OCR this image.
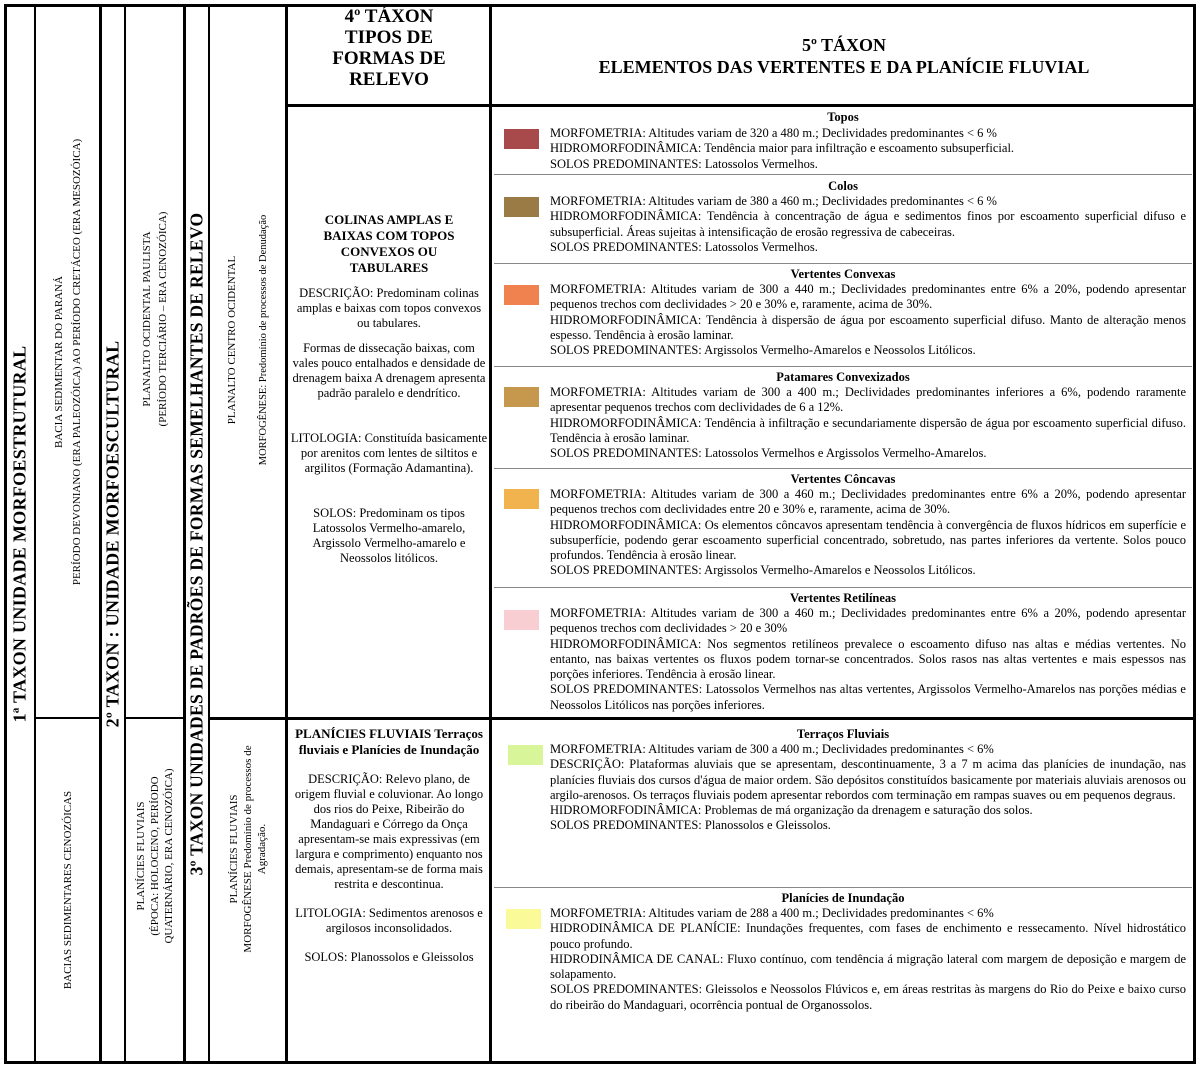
1ª TAXON UNIDADE MORFOESTRUTURAL BACIA SEDIMENTAR DO PARANÁ PERÍODO DEVONIANO (ERA PALEOZÓICA) AO PERÍODO CRETÁCEO (ERA MESOZÓICA)
BACIAS SEDIMENTARES CENOZÓICAS
2º TAXON : UNIDADE MORFOESCULTURAL
PLANALTO OCIDENTAL PAULISTA (PERÍODO TERCIÁRIO – ERA CENOZÓICA)
PLANÍCIES FLUVIAIS (ÉPOCA: HOLOCENO, PERÍODO QUATERNÁRIO, ERA CENOZÓICA) 3º TAXON UNIDADES DE PADRÕES DE FORMAS SEMELHANTES DE RELEVO	PLANALTO CENTRO OCIDENTAL	MORFOGÊNESE: Predomínio de processos de Denudação
PLANÍCIES FLUVIAIS MORFOGÊNESE Predomínio de processos de Agradação.
4º TÁXON
TIPOS DE
FORMAS DE
RELEVO
5º TÁXON
ELEMENTOS DAS VERTENTES E DA PLANÍCIE FLUVIAL

COLINAS AMPLAS E BAIXAS COM TOPOS CONVEXOS OU TABULARES

DESCRIÇÃO: Predominam colinas amplas e baixas com topos convexos ou tabulares.

Formas de dissecação baixas, com vales pouco entalhados e densidade de drenagem baixa A drenagem apresenta padrão paralelo e dendrítico.

LITOLOGIA: Constituída basicamente por arenitos com lentes de siltitos e argilitos (Formação Adamantina).

SOLOS: Predominam os tipos Latossolos Vermelho-amarelo, Argissolo Vermelho-amarelo e Neossolos litólicos.

PLANÍCIES FLUVIAIS Terraços fluviais e Planícies de Inundação

DESCRIÇÃO: Relevo plano, de origem fluvial e coluvionar. Ao longo dos rios do Peixe, Ribeirão do Mandaguari e Córrego da Onça apresentam-se mais expressivas (em largura e comprimento) enquanto nos demais, apresentam-se de forma mais restrita e descontinua.

LITOLOGIA: Sedimentos arenosos e argilosos inconsolidados.

SOLOS: Planossolos e Gleissolos

Topos
MORFOMETRIA: Altitudes variam de 320 a 480 m.; Declividades predominantes < 6 %
HIDROMORFODINÂMICA: Tendência maior para infiltração e escoamento subsuperficial.
SOLOS PREDOMINANTES: Latossolos Vermelhos.
Colos
MORFOMETRIA: Altitudes variam de 380 a 460 m.; Declividades predominantes < 6 %
HIDROMORFODINÂMICA: Tendência à concentração de água e sedimentos finos por escoamento superficial difuso e subsuperficial. Áreas sujeitas à intensificação de erosão regressiva de cabeceiras.
SOLOS PREDOMINANTES: Latossolos Vermelhos.
Vertentes Convexas
MORFOMETRIA: Altitudes variam de 300 a 440 m.; Declividades predominantes entre 6% a 20%, podendo apresentar pequenos trechos com declividades > 20 e 30% e, raramente, acima de 30%.
HIDROMORFODINÂMICA: Tendência à dispersão de água por escoamento superficial difuso. Manto de alteração menos espesso. Tendência à erosão laminar.
SOLOS PREDOMINANTES: Argissolos Vermelho-Amarelos e Neossolos Litólicos.
Patamares Convexizados
MORFOMETRIA: Altitudes variam de 300 a 400 m.; Declividades predominantes inferiores a 6%, podendo raramente apresentar pequenos trechos com declividades de 6 a 12%.
HIDROMORFODINÂMICA: Tendência à infiltração e secundariamente dispersão de água por escoamento superficial difuso. Tendência à erosão laminar.
SOLOS PREDOMINANTES: Latossolos Vermelhos e Argissolos Vermelho-Amarelos.
Vertentes Côncavas
MORFOMETRIA: Altitudes variam de 300 a 460 m.; Declividades predominantes entre 6% a 20%, podendo apresentar pequenos trechos com declividades entre 20 e 30% e, raramente, acima de 30%.
HIDROMORFODINÂMICA: Os elementos côncavos apresentam tendência à convergência de fluxos hídricos em superfície e subsuperfície, podendo gerar escoamento superficial concentrado, sobretudo, nas partes inferiores da vertente. Solos pouco profundos. Tendência à erosão linear.
SOLOS PREDOMINANTES: Argissolos Vermelho-Amarelos e Neossolos Litólicos.
Vertentes Retilíneas
MORFOMETRIA: Altitudes variam de 300 a 460 m.; Declividades predominantes entre 6% a 20%, podendo apresentar pequenos trechos com declividades > 20 e 30%
HIDROMORFODINÂMICA: Nos segmentos retilíneos prevalece o escoamento difuso nas altas e médias vertentes. No entanto, nas baixas vertentes os fluxos podem tornar-se concentrados. Solos rasos nas altas vertentes e mais espessos nas porções inferiores. Tendência à erosão linear.
SOLOS PREDOMINANTES: Latossolos Vermelhos nas altas vertentes, Argissolos Vermelho-Amarelos nas porções médias e Neossolos Litólicos nas porções inferiores.
Terraços Fluviais
MORFOMETRIA: Altitudes variam de 300 a 400 m.; Declividades predominantes < 6%
DESCRIÇÃO: Plataformas aluviais que se apresentam, descontinuamente, 3 a 7 m acima das planícies de inundação, nas planícies fluviais dos cursos d'água de maior ordem. São depósitos constituídos basicamente por materiais aluviais arenosos ou argilo-arenosos. Os terraços fluviais podem apresentar rebordos com terminação em rampas suaves ou em pequenos degraus.
HIDROMORFODINÂMICA: Problemas de má organização da drenagem e saturação dos solos.
SOLOS PREDOMINANTES: Planossolos e Gleissolos.
Planícies de Inundação
MORFOMETRIA: Altitudes variam de 288 a 400 m.; Declividades predominantes < 6%
HIDRODINÂMICA DE PLANÍCIE: Inundações frequentes, com fases de enchimento e ressecamento. Nível hidrostático pouco profundo.
HIDRODINÂMICA DE CANAL: Fluxo contínuo, com tendência á migração lateral com margem de deposição e margem de solapamento.
SOLOS PREDOMINANTES: Gleissolos e Neossolos Flúvicos e, em áreas restritas às margens do Rio do Peixe e baixo curso do ribeirão do Mandaguari, ocorrência pontual de Organossolos.
